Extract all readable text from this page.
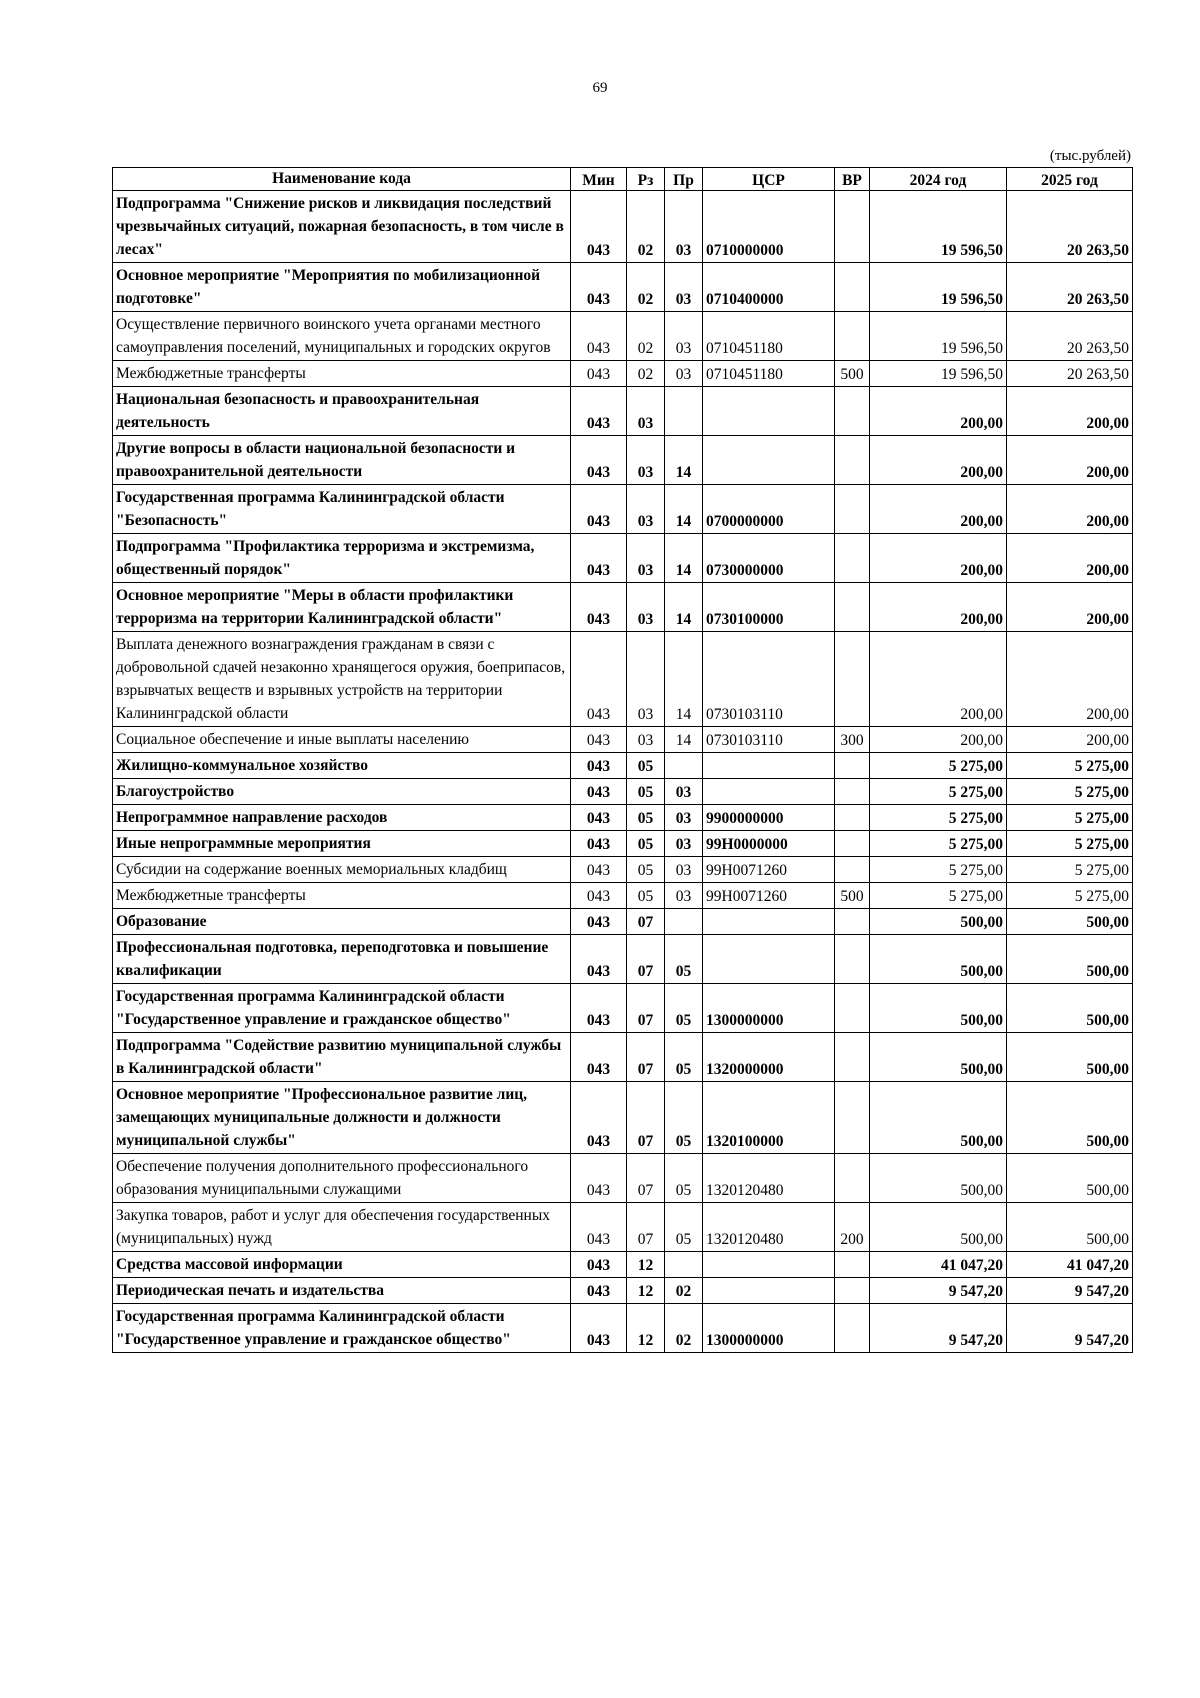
69
(тыс.рублей)
Наименование кода	Мин	Рз	Пр	ЦСР	ВР	2024 год	2025 год
Подпрограмма "Снижение рисков и ликвидация последствий чрезвычайных ситуаций, пожарная безопасность, в том числе в лесах"	043	02	03	0710000000		19 596,50	20 263,50
Основное мероприятие "Мероприятия по мобилизационной подготовке"	043	02	03	0710400000		19 596,50	20 263,50
Осуществление первичного воинского учета органами местного самоуправления поселений, муниципальных и городских округов	043	02	03	0710451180		19 596,50	20 263,50
Межбюджетные трансферты	043	02	03	0710451180	500	19 596,50	20 263,50
Национальная безопасность и правоохранительная деятельность	043	03				200,00	200,00
Другие вопросы в области национальной безопасности и правоохранительной деятельности	043	03	14			200,00	200,00
Государственная программа Калининградской области "Безопасность"	043	03	14	0700000000		200,00	200,00
Подпрограмма "Профилактика терроризма и экстремизма, общественный порядок"	043	03	14	0730000000		200,00	200,00
Основное мероприятие "Меры в области профилактики терроризма на территории Калининградской области"	043	03	14	0730100000		200,00	200,00
Выплата денежного вознаграждения гражданам в связи с добровольной сдачей незаконно хранящегося оружия, боеприпасов, взрывчатых веществ и взрывных устройств на территории Калининградской области	043	03	14	0730103110		200,00	200,00
Социальное обеспечение и иные выплаты населению	043	03	14	0730103110	300	200,00	200,00
Жилищно-коммунальное хозяйство	043	05				5 275,00	5 275,00
Благоустройство	043	05	03			5 275,00	5 275,00
Непрограммное направление расходов	043	05	03	9900000000		5 275,00	5 275,00
Иные непрограммные мероприятия	043	05	03	99Н0000000		5 275,00	5 275,00
Субсидии на содержание военных мемориальных кладбищ	043	05	03	99Н0071260		5 275,00	5 275,00
Межбюджетные трансферты	043	05	03	99Н0071260	500	5 275,00	5 275,00
Образование	043	07				500,00	500,00
Профессиональная подготовка, переподготовка и повышение квалификации	043	07	05			500,00	500,00
Государственная программа Калининградской области "Государственное управление и гражданское общество"	043	07	05	1300000000		500,00	500,00
Подпрограмма "Содействие развитию муниципальной службы в Калининградской области"	043	07	05	1320000000		500,00	500,00
Основное мероприятие "Профессиональное развитие лиц, замещающих муниципальные должности и должности муниципальной службы"	043	07	05	1320100000		500,00	500,00
Обеспечение получения дополнительного профессионального образования муниципальными служащими	043	07	05	1320120480		500,00	500,00
Закупка товаров, работ и услуг для обеспечения государственных (муниципальных) нужд	043	07	05	1320120480	200	500,00	500,00
Средства массовой информации	043	12				41 047,20	41 047,20
Периодическая печать и издательства	043	12	02			9 547,20	9 547,20
Государственная программа Калининградской области "Государственное управление и гражданское общество"	043	12	02	1300000000		9 547,20	9 547,20
